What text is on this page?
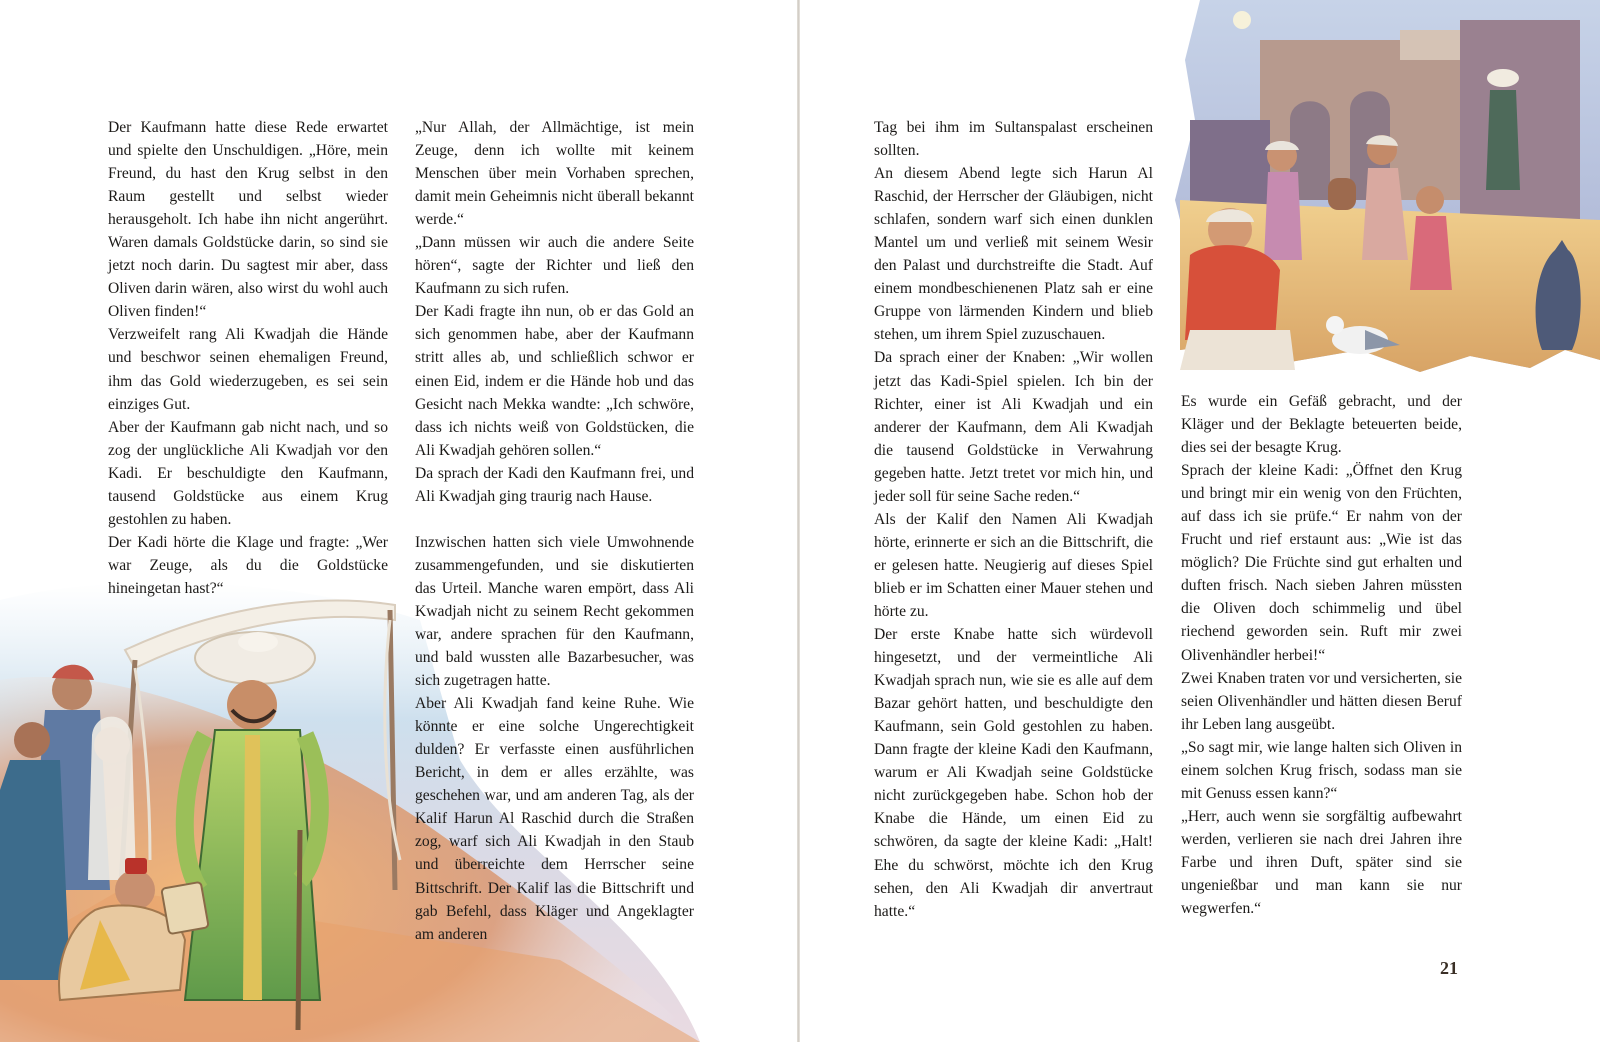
Der Kaufmann hatte diese Rede erwartet und spielte den Unschuldigen. „Höre, mein Freund, du hast den Krug selbst in den Raum gestellt und selbst wieder herausgeholt. Ich habe ihn nicht angerührt. Waren damals Goldstücke darin, so sind sie jetzt noch darin. Du sagtest mir aber, dass Oliven darin wären, also wirst du wohl auch Oliven finden!“

Verzweifelt rang Ali Kwadjah die Hände und beschwor seinen ehemaligen Freund, ihm das Gold wiederzugeben, es sei sein einziges Gut.

Aber der Kaufmann gab nicht nach, und so zog der unglückliche Ali Kwadjah vor den Kadi. Er beschuldigte den Kaufmann, tausend Goldstücke aus einem Krug gestohlen zu haben.

Der Kadi hörte die Klage und fragte: „Wer war Zeuge, als du die Goldstücke hineingetan hast?“

„Nur Allah, der Allmächtige, ist mein Zeuge, denn ich wollte mit keinem Menschen über mein Vorhaben sprechen, damit mein Geheimnis nicht überall bekannt werde.“

„Dann müssen wir auch die andere Seite hören“, sagte der Richter und ließ den Kaufmann zu sich rufen.

Der Kadi fragte ihn nun, ob er das Gold an sich genommen habe, aber der Kaufmann stritt alles ab, und schließlich schwor er einen Eid, indem er die Hände hob und das Gesicht nach Mekka wandte: „Ich schwöre, dass ich nichts weiß von Goldstücken, die Ali Kwadjah gehören sollen.“

Da sprach der Kadi den Kaufmann frei, und Ali Kwadjah ging traurig nach Hause.

Inzwischen hatten sich viele Umwohnende zusammengefunden, und sie diskutierten das Urteil. Manche waren empört, dass Ali Kwadjah nicht zu seinem Recht gekommen war, andere sprachen für den Kaufmann, und bald wussten alle Bazarbesucher, was sich zugetragen hatte.

Aber Ali Kwadjah fand keine Ruhe. Wie könnte er eine solche Ungerechtigkeit dulden? Er verfasste einen ausführlichen Bericht, in dem er alles erzählte, was geschehen war, und am anderen Tag, als der Kalif Harun Al Raschid durch die Straßen zog, warf sich Ali Kwadjah in den Staub und überreichte dem Herrscher seine Bittschrift. Der Kalif las die Bittschrift und gab Befehl, dass Kläger und Angeklagter am anderen

Tag bei ihm im Sultanspalast erscheinen sollten.

An diesem Abend legte sich Harun Al Raschid, der Herrscher der Gläubigen, nicht schlafen, sondern warf sich einen dunklen Mantel um und verließ mit seinem Wesir den Palast und durchstreifte die Stadt. Auf einem mondbeschienenen Platz sah er eine Gruppe von lärmenden Kindern und blieb stehen, um ihrem Spiel zuzuschauen.

Da sprach einer der Knaben: „Wir wollen jetzt das Kadi-Spiel spielen. Ich bin der Richter, einer ist Ali Kwadjah und ein anderer der Kaufmann, dem Ali Kwadjah die tausend Goldstücke in Verwahrung gegeben hatte. Jetzt tretet vor mich hin, und jeder soll für seine Sache reden.“

Als der Kalif den Namen Ali Kwadjah hörte, erinnerte er sich an die Bittschrift, die er gelesen hatte. Neugierig auf dieses Spiel blieb er im Schatten einer Mauer stehen und hörte zu.

Der erste Knabe hatte sich würdevoll hingesetzt, und der vermeintliche Ali Kwadjah sprach nun, wie sie es alle auf dem Bazar gehört hatten, und beschuldigte den Kaufmann, sein Gold gestohlen zu haben. Dann fragte der kleine Kadi den Kaufmann, warum er Ali Kwadjah seine Goldstücke nicht zurückgegeben habe. Schon hob der Knabe die Hände, um einen Eid zu schwören, da sagte der kleine Kadi: „Halt! Ehe du schwörst, möchte ich den Krug sehen, den Ali Kwadjah dir anvertraut hatte.“

Es wurde ein Gefäß gebracht, und der Kläger und der Beklagte beteuerten beide, dies sei der besagte Krug.

Sprach der kleine Kadi: „Öffnet den Krug und bringt mir ein wenig von den Früchten, auf dass ich sie prüfe.“ Er nahm von der Frucht und rief erstaunt aus: „Wie ist das möglich? Die Früchte sind gut erhalten und duften frisch. Nach sieben Jahren müssten die Oliven doch schimmelig und übel riechend geworden sein. Ruft mir zwei Olivenhändler herbei!“

Zwei Knaben traten vor und versicherten, sie seien Olivenhändler und hätten diesen Beruf ihr Leben lang ausgeübt.

„So sagt mir, wie lange halten sich Oliven in einem solchen Krug frisch, sodass man sie mit Genuss essen kann?“

„Herr, auch wenn sie sorgfältig aufbewahrt werden, verlieren sie nach drei Jahren ihre Farbe und ihren Duft, später sind sie ungenießbar und man kann sie nur wegwerfen.“

21
